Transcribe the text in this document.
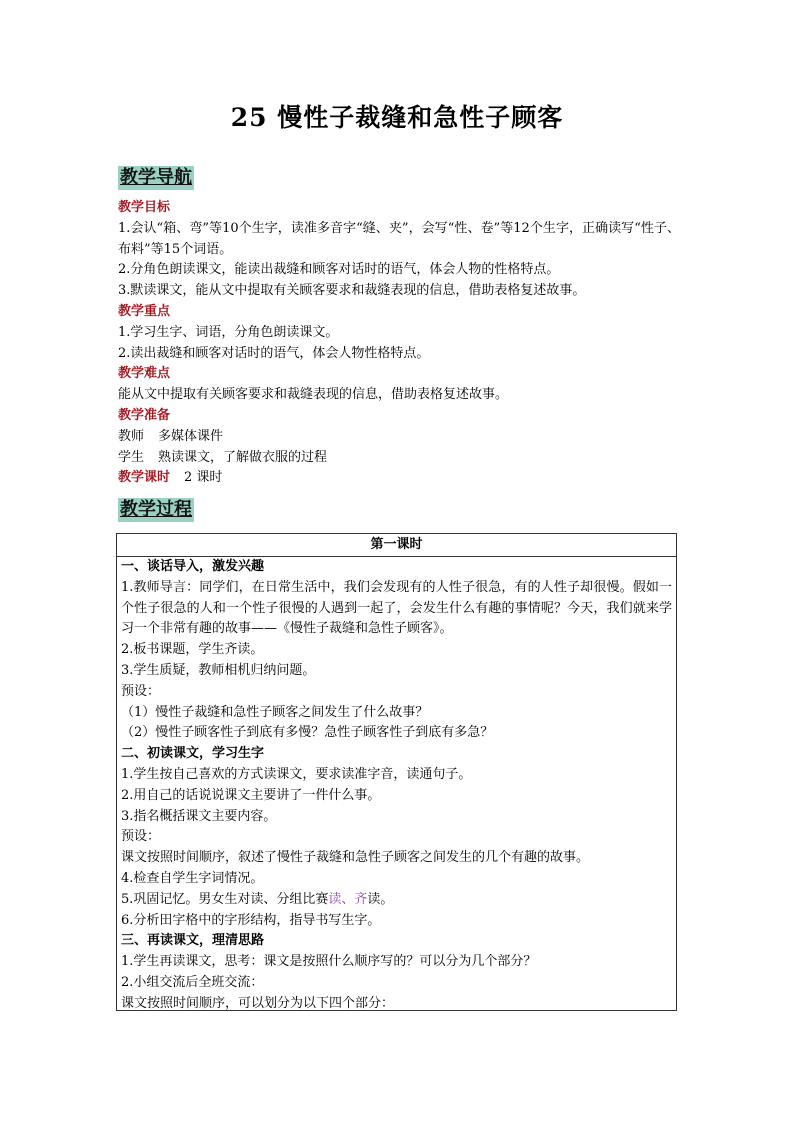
25 慢性子裁缝和急性子顾客
教学导航
教学目标
1.会认“箱、弯”等10个生字，读准多音字“缝、夹”，会写“性、卷”等12个生字，正确读写“性子、布料”等15个词语。
2.分角色朗读课文，能读出裁缝和顾客对话时的语气，体会人物的性格特点。
3.默读课文，能从文中提取有关顾客要求和裁缝表现的信息，借助表格复述故事。
教学重点
1.学习生字、词语，分角色朗读课文。
2.读出裁缝和顾客对话时的语气，体会人物性格特点。
教学难点
能从文中提取有关顾客要求和裁缝表现的信息，借助表格复述故事。
教学准备
教师 多媒体课件
学生 熟读课文，了解做衣服的过程
教学课时 2 课时
教学过程
第一课时
一、谈话导入，激发兴趣
1.教师导言：同学们，在日常生活中，我们会发现有的人性子很急，有的人性子却很慢。假如一个性子很急的人和一个性子很慢的人遇到一起了，会发生什么有趣的事情呢？今天，我们就来学习一个非常有趣的故事——《慢性子裁缝和急性子顾客》。
2.板书课题，学生齐读。
3.学生质疑，教师相机归纳问题。
预设：
（1）慢性子裁缝和急性子顾客之间发生了什么故事？
（2）慢性子顾客性子到底有多慢？急性子顾客性子到底有多急？
二、初读课文，学习生字
1.学生按自己喜欢的方式读课文，要求读准字音，读通句子。
2.用自己的话说说课文主要讲了一件什么事。
3.指名概括课文主要内容。
预设：
课文按照时间顺序，叙述了慢性子裁缝和急性子顾客之间发生的几个有趣的故事。
4.检查自学生字词情况。
5.巩固记忆。男女生对读、分组比赛读、齐读。
6.分析田字格中的字形结构，指导书写生字。
三、再读课文，理清思路
1.学生再读课文，思考：课文是按照什么顺序写的？可以分为几个部分？
2.小组交流后全班交流：
课文按照时间顺序，可以划分为以下四个部分：
